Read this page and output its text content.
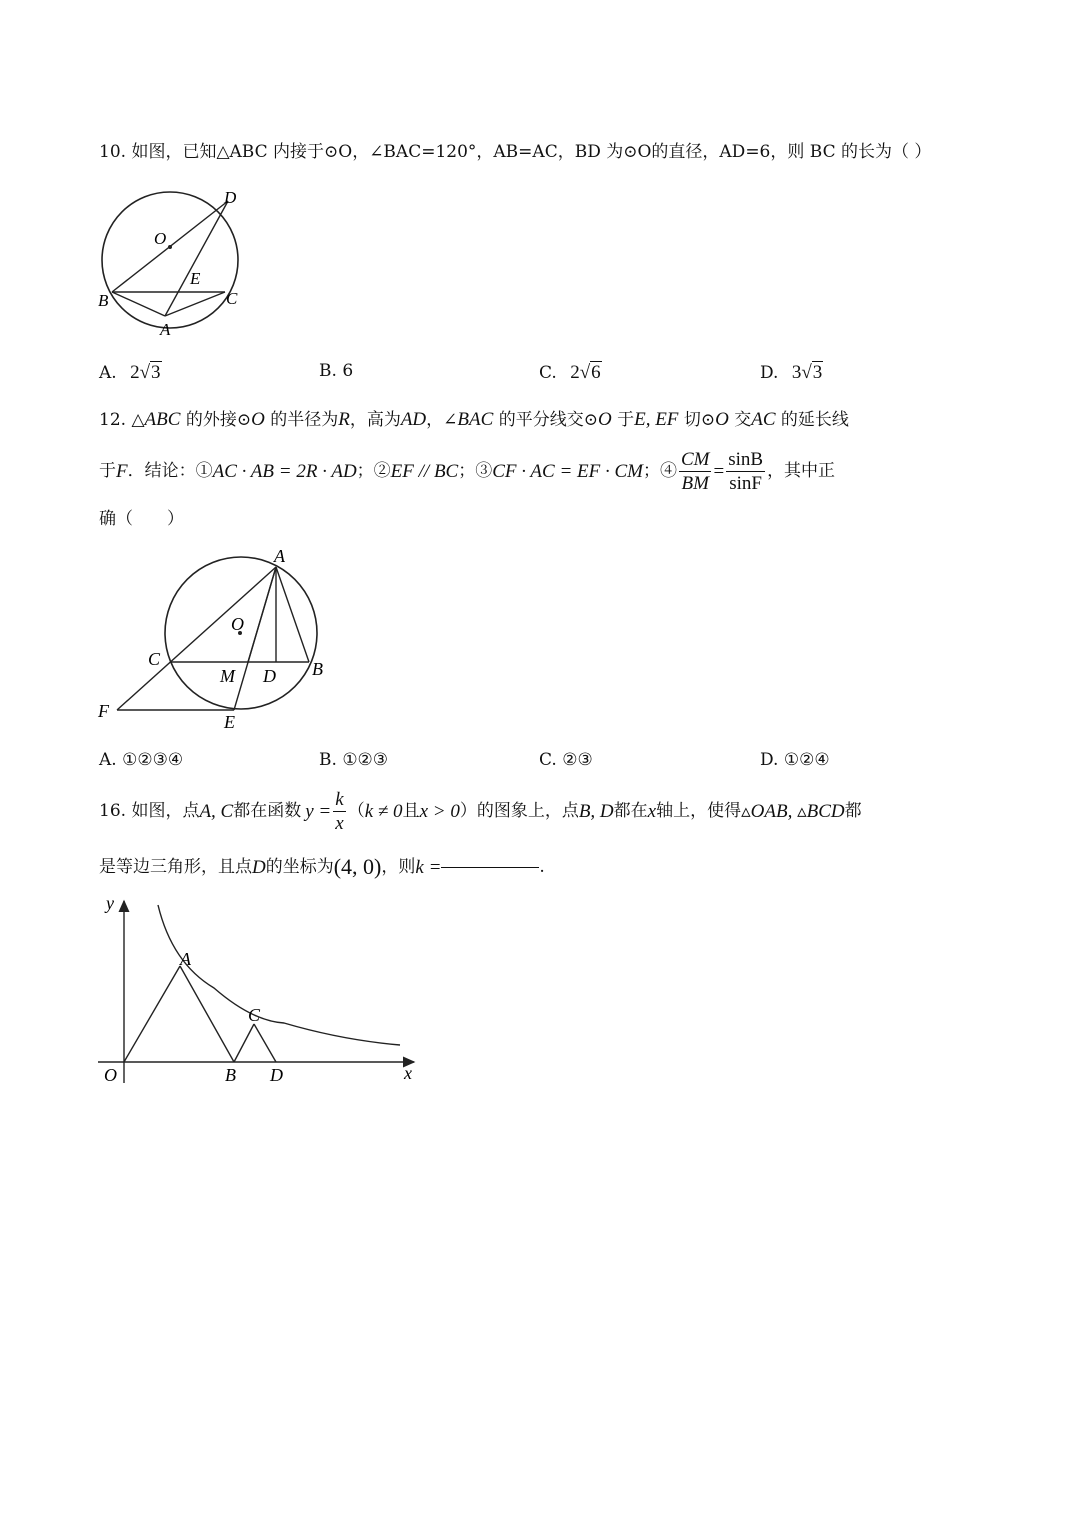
10. 如图，已知△ABC 内接于⊙O，∠BAC=120°，AB=AC，BD 为⊙O的直径，AD=6，则 BC 的长为（ ）
O
D
E
B	C
A
A. 2√3	B. 6	C. 2√6	D. 3√3
12. △ABC 的外接⊙O 的半径为R，高为AD，∠BAC 的平分线交⊙O 于E, EF 切⊙O 交AC 的延长线
于 F ．结论：① AC · AB = 2R · AD ；② EF // BC ；③ CF · AC = EF · CM ；④ $\frac{CM}{BM} = \frac{\sin B}{\sin F}$ ，其中正
确（　　）
A
O
C
M D B
F
E
A. ①②③④	B. ①②③	C. ②③	D. ①②④
16. 如图，点 A, C 都在函数 $y = \frac{k}{x}$ （ k ≠ 0 且 x > 0 ）的图象上，点 B, D 都在 x 轴上，使得 ▵OAB, ▵BCD 都
是等边三角形，且点 D 的坐标为 (4, 0) ，则 k =	.
y
A
C
O	B D	x
